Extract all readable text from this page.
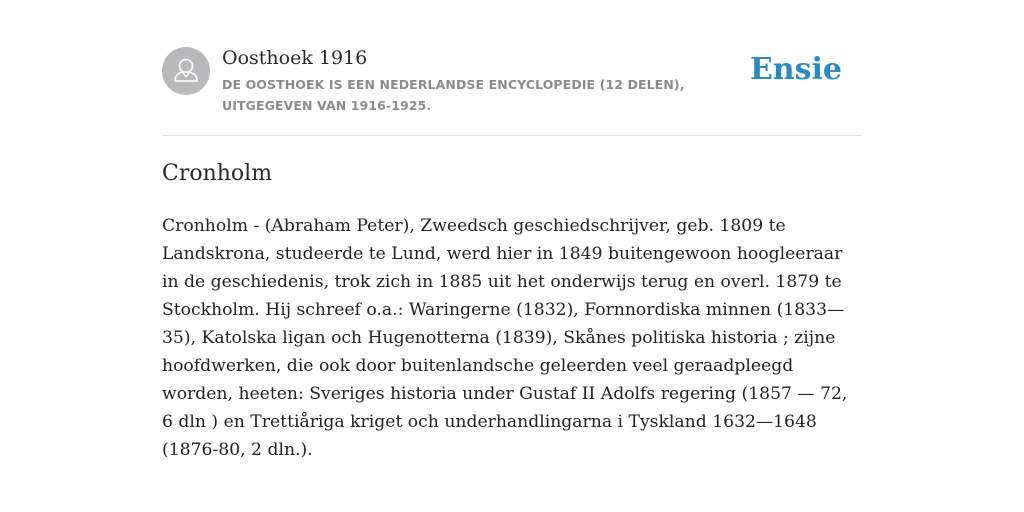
Oosthoek 1916
DE OOSTHOEK IS EEN NEDERLANDSE ENCYCLOPEDIE (12 DELEN), UITGEGEVEN VAN 1916-1925.
Ensie
Cronholm

Cronholm - (Abraham Peter), Zweedsch geschiedschrijver, geb. 1809 te Landskrona, studeerde te Lund, werd hier in 1849 buitengewoon hoogleeraar in de geschiedenis, trok zich in 1885 uit het onderwijs terug en overl. 1879 te Stockholm. Hij schreef o.a.: Waringerne (1832), Fornnordiska minnen (1833—35), Katolska ligan och Hugenotterna (1839), Skånes politiska historia ; zijne hoofdwerken, die ook door buitenlandsche geleerden veel geraadpleegd worden, heeten: Sveriges historia under Gustaf II Adolfs regering (1857 — 72, 6 dln ) en Trettiåriga kriget och underhandlingarna i Tyskland 1632—1648 (1876-80, 2 dln.).
